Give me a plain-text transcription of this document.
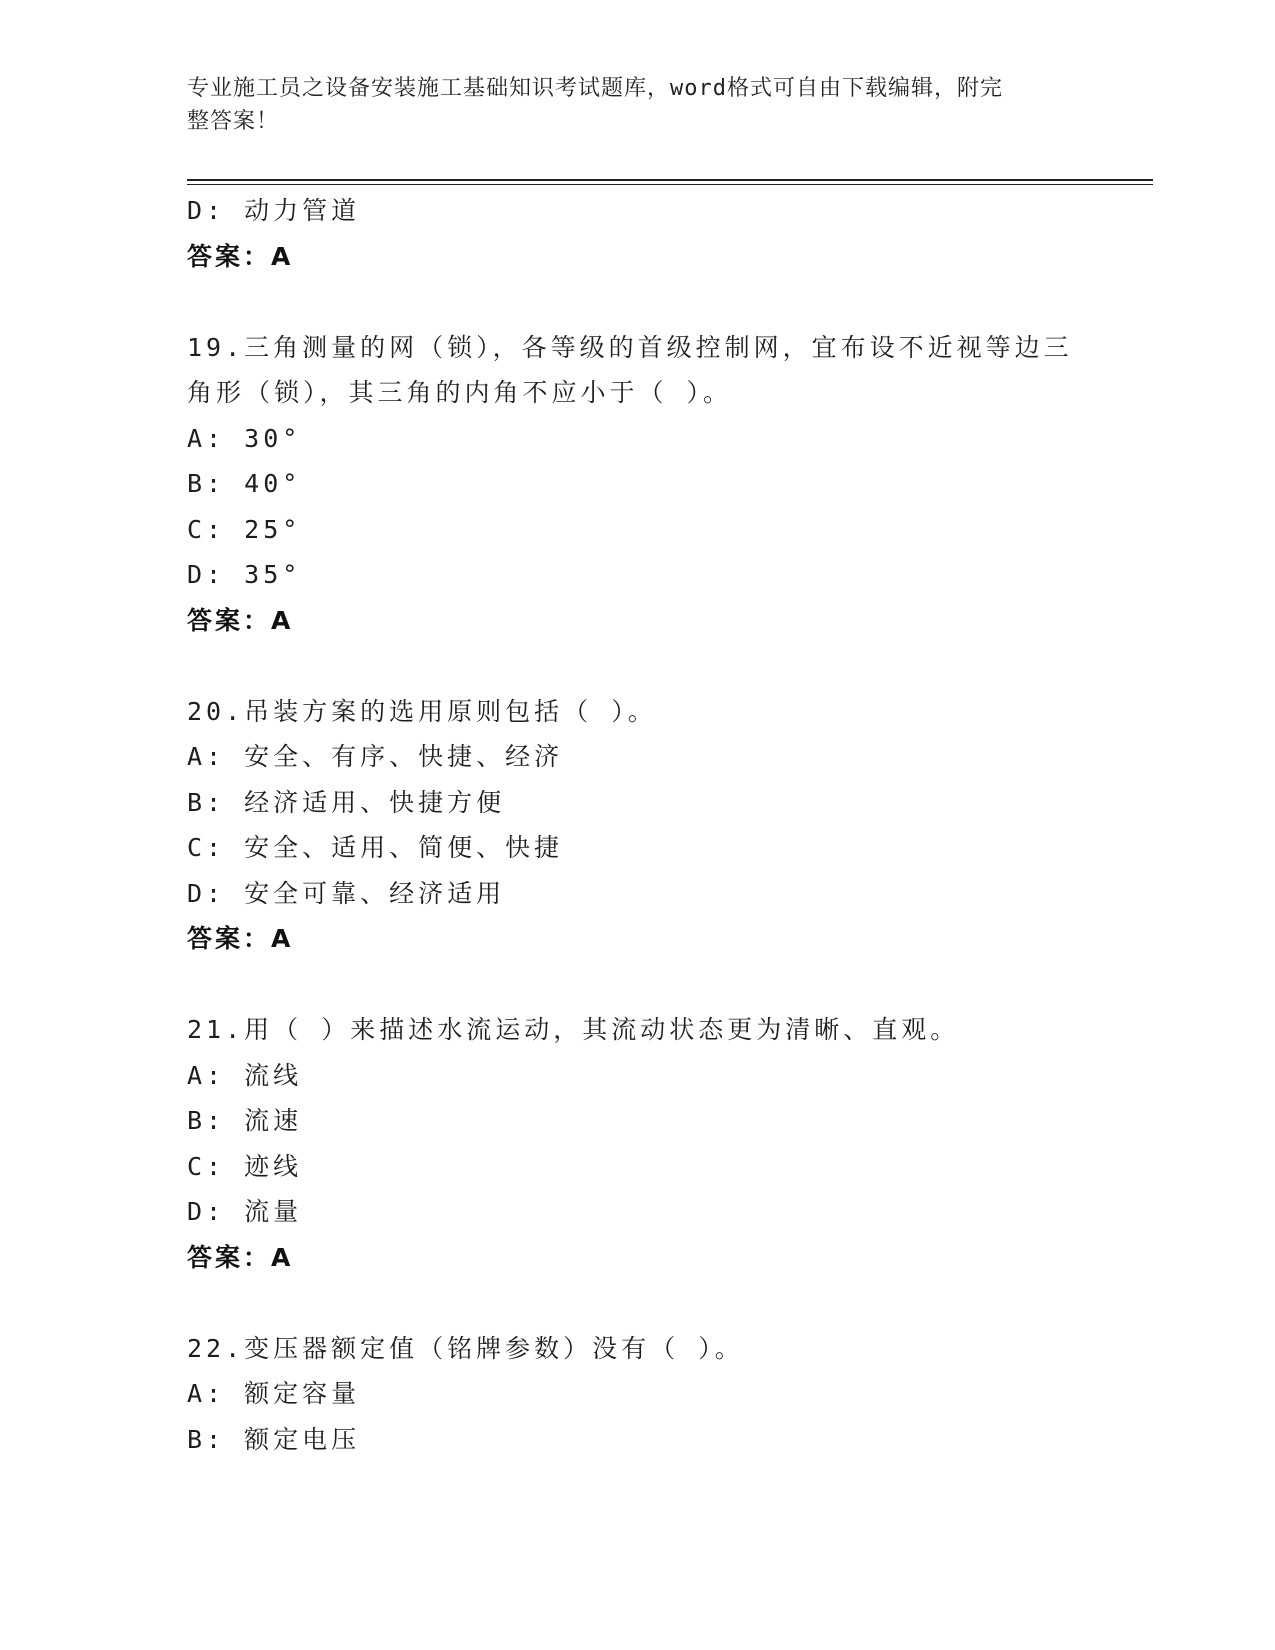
专业施工员之设备安装施工基础知识考试题库，word格式可自由下载编辑，附完
整答案！
D: 动力管道
答案：A
19.三角测量的网（锁），各等级的首级控制网，宜布设不近视等边三
角形（锁），其三角的内角不应小于（ ）。
A: 30°
B: 40°
C: 25°
D: 35°
答案：A
20.吊装方案的选用原则包括（ ）。
A: 安全、有序、快捷、经济
B: 经济适用、快捷方便
C: 安全、适用、简便、快捷
D: 安全可靠、经济适用
答案：A
21.用（ ）来描述水流运动，其流动状态更为清晰、直观。
A: 流线
B: 流速
C: 迹线
D: 流量
答案：A
22.变压器额定值（铭牌参数）没有（ ）。
A: 额定容量
B: 额定电压
